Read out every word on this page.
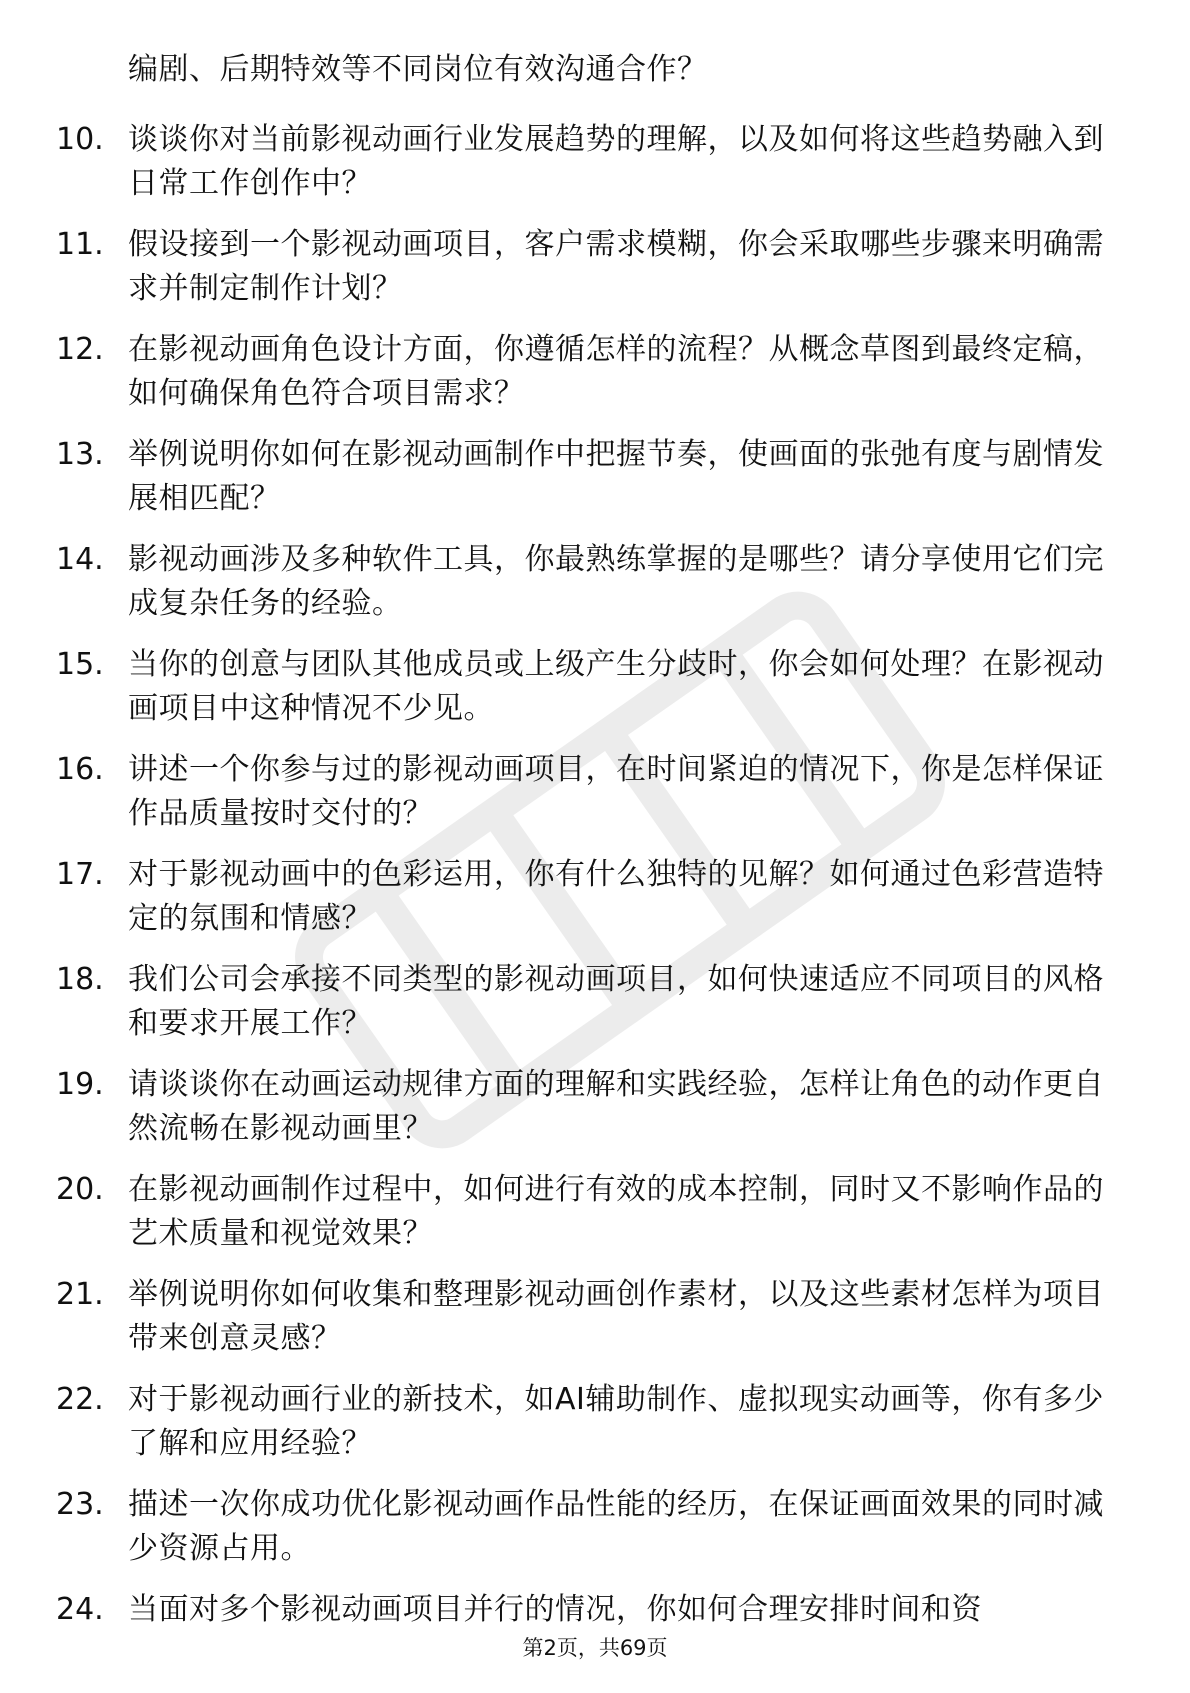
编剧、后期特效等不同岗位有效沟通合作？
10. 谈谈你对当前影视动画行业发展趋势的理解，以及如何将这些趋势融入到日常工作创作中？
11. 假设接到一个影视动画项目，客户需求模糊，你会采取哪些步骤来明确需求并制定制作计划？
12. 在影视动画角色设计方面，你遵循怎样的流程？从概念草图到最终定稿，如何确保角色符合项目需求？
13. 举例说明你如何在影视动画制作中把握节奏，使画面的张弛有度与剧情发展相匹配？
14. 影视动画涉及多种软件工具，你最熟练掌握的是哪些？请分享使用它们完成复杂任务的经验。
15. 当你的创意与团队其他成员或上级产生分歧时，你会如何处理？在影视动画项目中这种情况不少见。
16. 讲述一个你参与过的影视动画项目，在时间紧迫的情况下，你是怎样保证作品质量按时交付的？
17. 对于影视动画中的色彩运用，你有什么独特的见解？如何通过色彩营造特定的氛围和情感？
18. 我们公司会承接不同类型的影视动画项目，如何快速适应不同项目的风格和要求开展工作？
19. 请谈谈你在动画运动规律方面的理解和实践经验，怎样让角色的动作更自然流畅在影视动画里？
20. 在影视动画制作过程中，如何进行有效的成本控制，同时又不影响作品的艺术质量和视觉效果？
21. 举例说明你如何收集和整理影视动画创作素材，以及这些素材怎样为项目带来创意灵感？
22. 对于影视动画行业的新技术，如AI辅助制作、虚拟现实动画等，你有多少了解和应用经验？
23. 描述一次你成功优化影视动画作品性能的经历，在保证画面效果的同时减少资源占用。
24. 当面对多个影视动画项目并行的情况，你如何合理安排时间和资
第2页，共69页
